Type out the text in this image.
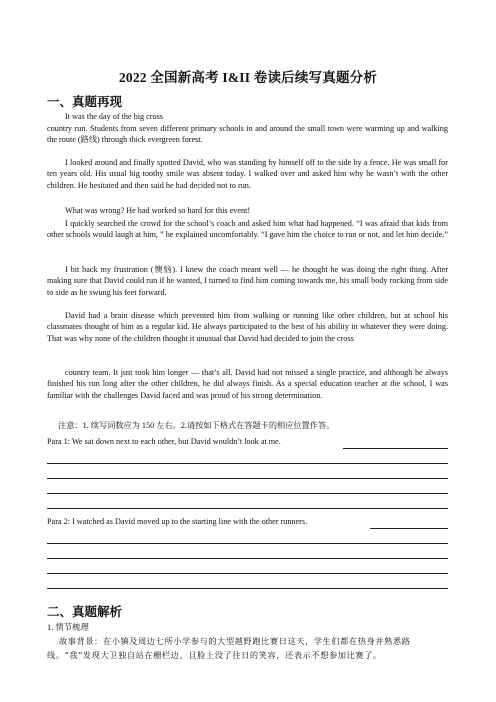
2022 全国新高考 I&II 卷读后续写真题分析
一、真题再现
It was the day of the big cross
country run. Students from seven different primary schools in and around the small town were warming up and walking the route (路线) through thick evergreen forest.
I looked around and finally spotted David, who was standing by himself off to the side by a fence. He was small for ten years old. His usual big toothy smile was absent today. I walked over and asked him why he wasn’t with the other children. He hesitated and then said he had decided not to run.
What was wrong? He had worked so hard for this event!
I quickly searched the crowd for the school’s coach and asked him what had happened. “I was afraid that kids from other schools would laugh at him, ” he explained uncomfortably. “I gave him the choice to run or not, and let him decide.”
I bit back my frustration (懊恼). I knew the coach meant well — he thought he was doing the right thing. After making sure that David could run if he wanted, I turned to find him coming towards me, his small body rocking from side to side as he swung his feet forward.
David had a brain disease which prevented him from walking or running like other children, but at school his classmates thought of him as a regular kid. He always participated to the best of his ability in whatever they were doing. That was why none of the children thought it unusual that David had decided to join the cross
country team. It just took him longer — that’s all. David had not missed a single practice, and although he always finished his run long after the other children, he did always finish. As a special education teacher at the school, I was familiar with the challenges David faced and was proud of his strong determination.
注意：1. 续写词数应为 150 左右。2.请按如下格式在答题卡的相应位置作答。
Para 1: We sat down next to each other, but David wouldn’t look at me.
Para 2: I watched as David moved up to the starting line with the other runners.
二、真题解析
1. 情节梳理
故事背景：在小镇及周边七所小学参与的大型越野跑比赛日这天，学生们都在热身并熟悉路线。“我”发现大卫独自站在栅栏边，且脸上没了往日的笑容，还表示不想参加比赛了。
